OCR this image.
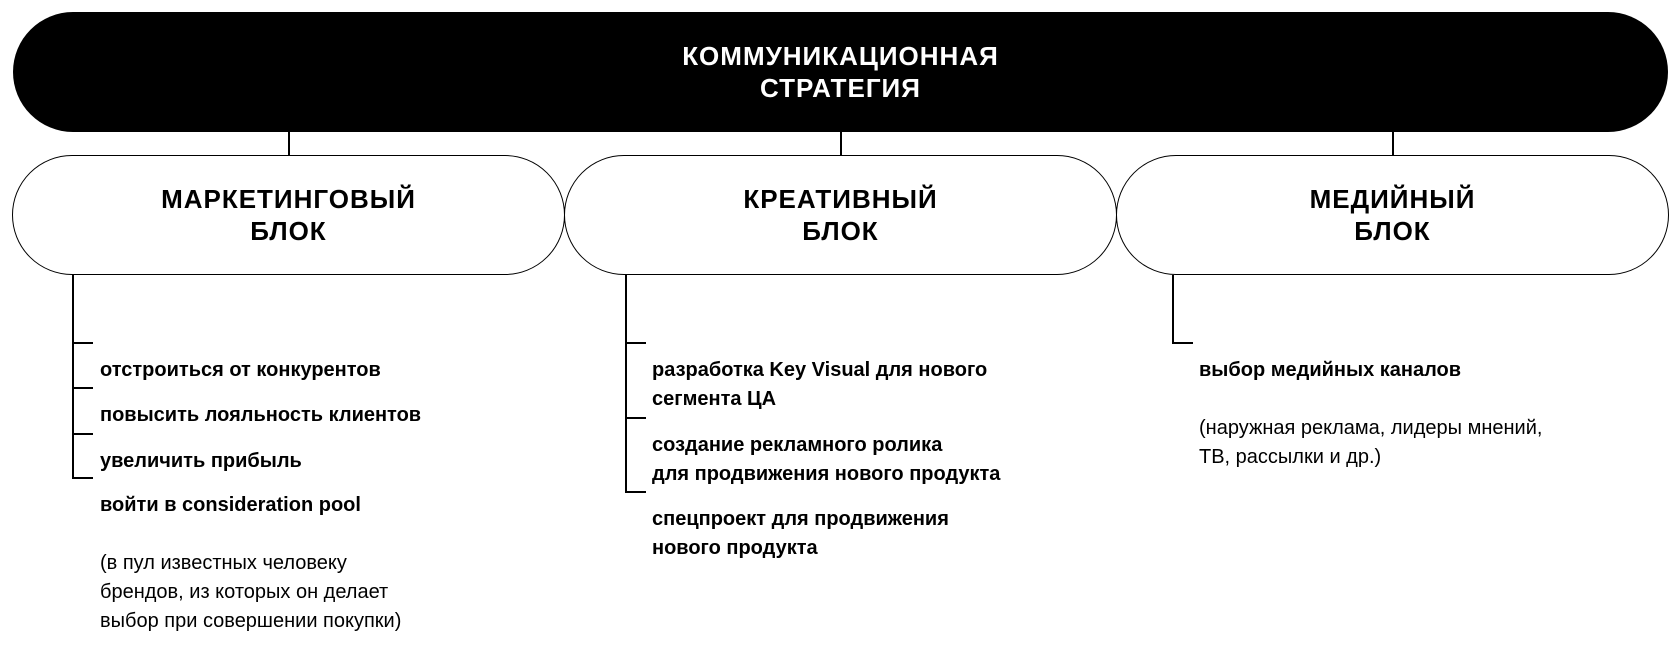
КОММУНИКАЦИОННАЯ
СТРАТЕГИЯ
МАРКЕТИНГОВЫЙ
БЛОК

отстроиться от конкурентов

повысить лояльность клиентов

увеличить прибыль

войти в consideration pool

(в пул известных человеку
брендов, из которых он делает
выбор при совершении покупки)

КРЕАТИВНЫЙ
БЛОК

разработка Key Visual для нового
сегмента ЦА

создание рекламного ролика
для продвижения нового продукта

спецпроект для продвижения
нового продукта

МЕДИЙНЫЙ
БЛОК

выбор медийных каналов

(наружная реклама, лидеры мнений,
ТВ, рассылки и др.)
